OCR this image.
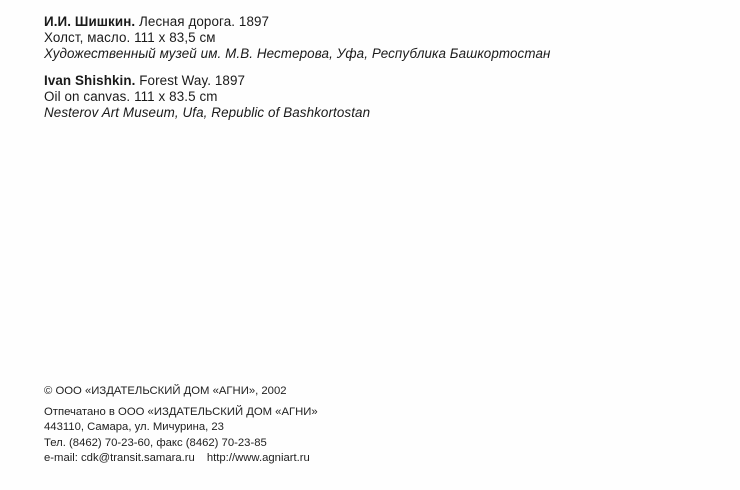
И.И. Шишкин. Лесная дорога. 1897
Холст, масло. 111 х 83,5 см
Художественный музей им. М.В. Нестерова, Уфа, Республика Башкортостан
Ivan Shishkin. Forest Way. 1897
Oil on canvas. 111 x 83.5 cm
Nesterov Art Museum, Ufa, Republic of Bashkortostan
© ООО «ИЗДАТЕЛЬСКИЙ ДОМ «АГНИ», 2002
Отпечатано в ООО «ИЗДАТЕЛЬСКИЙ ДОМ «АГНИ»
443110, Самара, ул. Мичурина, 23
Тел. (8462) 70-23-60, факс (8462) 70-23-85
e-mail: cdk@transit.samara.ru http://www.agniart.ru
